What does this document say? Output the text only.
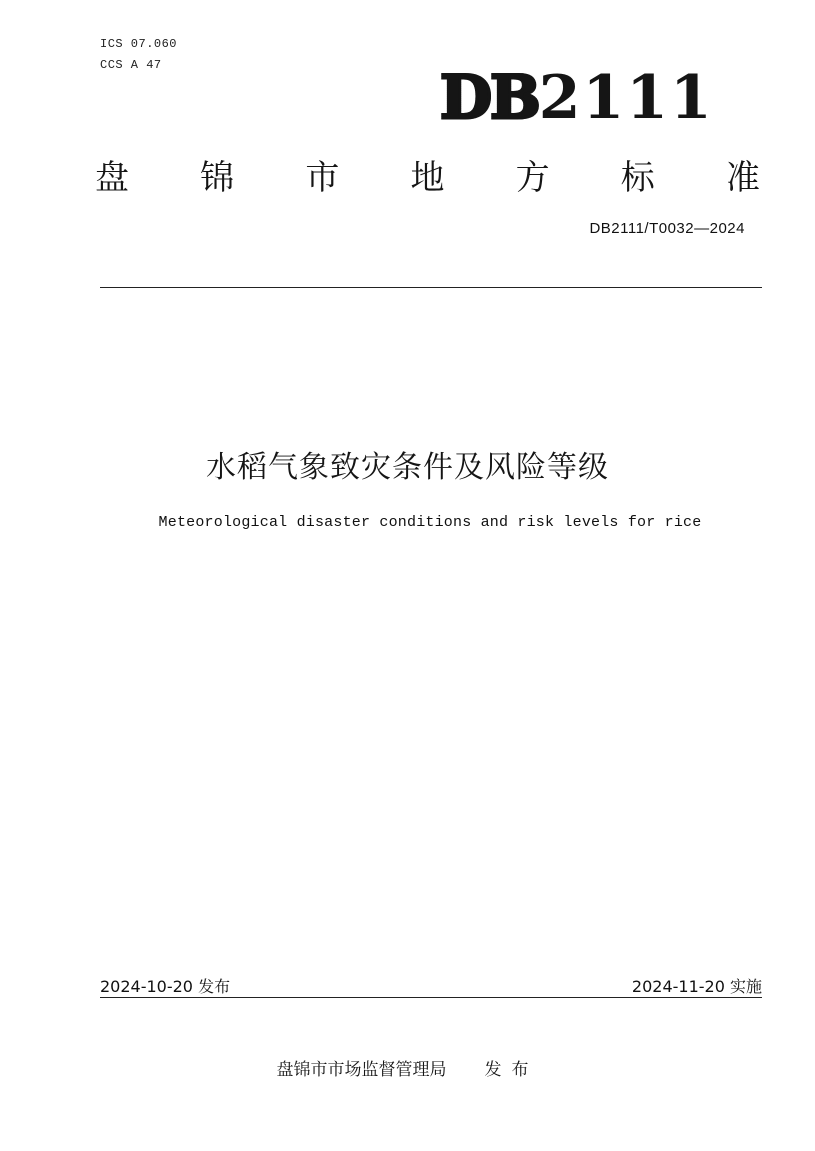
ICS 07.060
CCS A 47	DB2111
盘 锦 市 地 方 标 准
DB2111/T0032—2024
水稻气象致灾条件及风险等级
Meteorological disaster conditions and risk levels for rice
2024-10-20 发布	2024-11-20 实施
盘锦市市场监督管理局 发布
